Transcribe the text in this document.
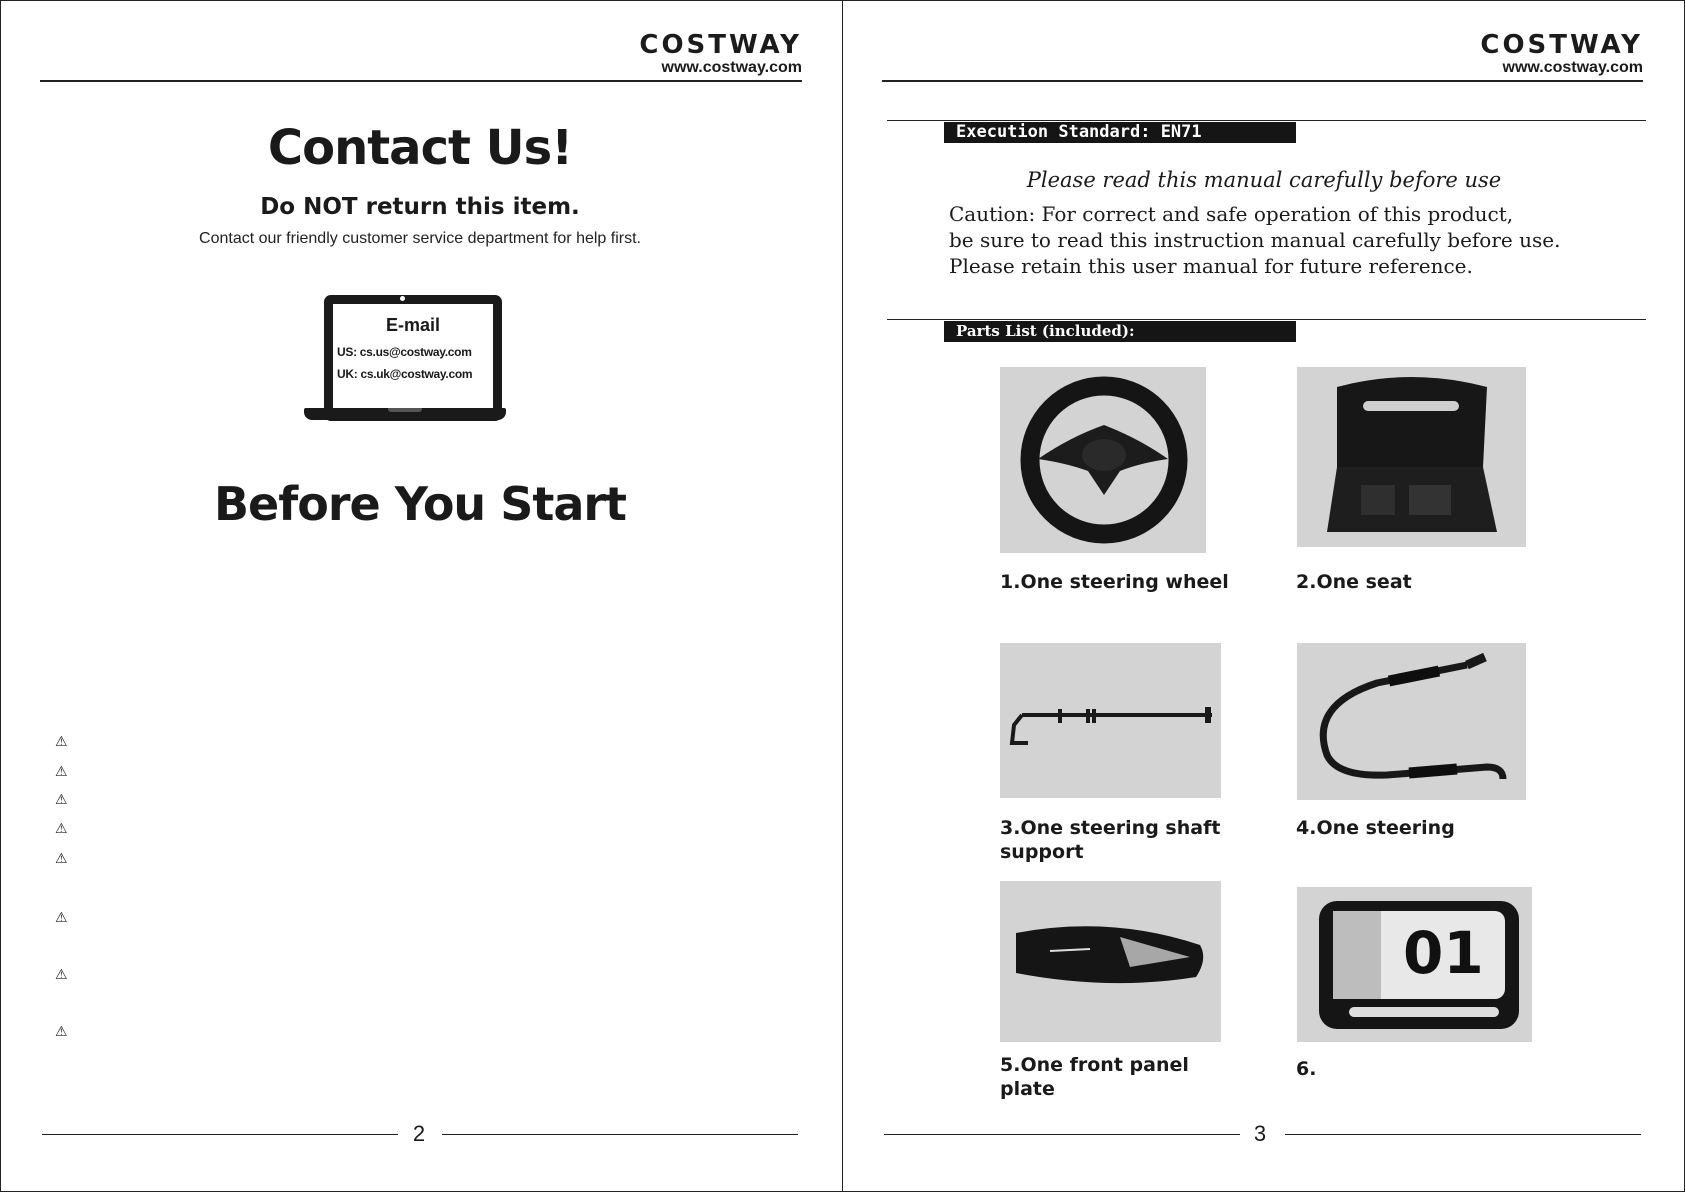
COSTWAY
www.costway.com
Contact Us!
Do NOT return this item.
Contact our friendly customer service department for help first.
E-mail
US: cs.us@costway.com
UK: cs.uk@costway.com
Before You Start
⚠
⚠
⚠
⚠
⚠
⚠
⚠
⚠
2
COSTWAY
www.costway.com
Execution Standard: EN71
Please read this manual carefully before use
Caution: For correct and safe operation of this product,
be sure to read this instruction manual carefully before use.
Please retain this user manual for future reference.
Parts List (included):
1.One steering wheel	2.One seat
3.One steering shaft
support
4.One steering
5.One front panel
plate
01
6.
3
